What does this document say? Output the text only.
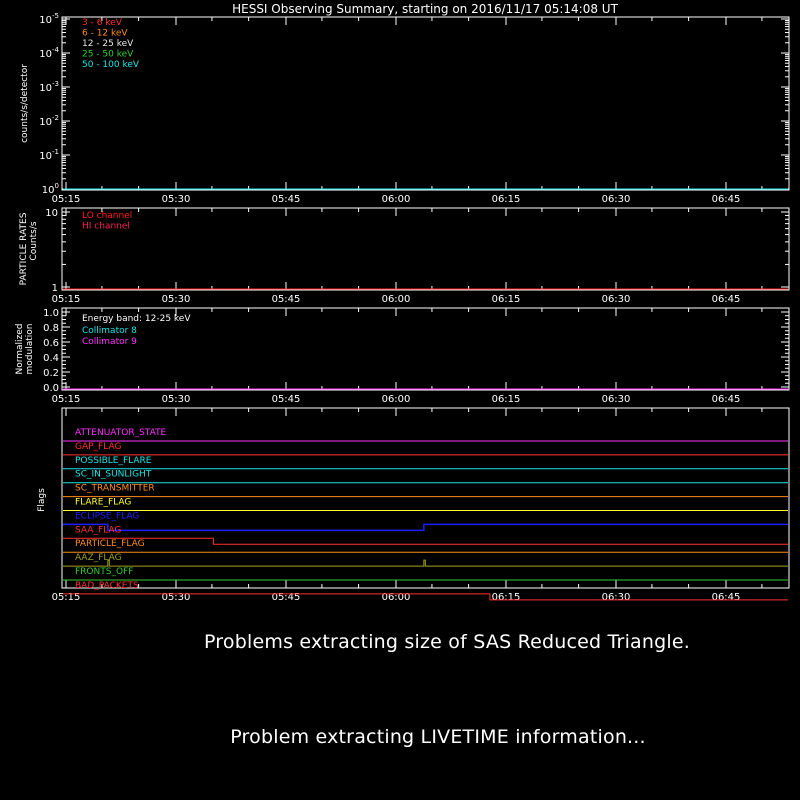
HESSI Observing Summary, starting on 2016/11/17 05:14:08 UT
05:15	05:30	05:45	06:00	06:15	06:30	06:45
$10^{-5}$
$10^{-4}$
$10^{-3}$
$10^{-2}$
$10^{-1}$
$10^0$
counts/s/detector
3 - 6 keV
6 - 12 keV
12 - 25 keV
25 - 50 keV
50 - 100 keV
05:15	05:30	05:45	06:00	06:15	06:30	06:45
10
1
PARTICLE RATES Counts/s
LO channel
HI channel
05:15	05:30	05:45	06:00	06:15	06:30	06:45
1.0
0.8
0.6
0.4
0.2
0.0
Normalized modulation
Energy band: 12-25 keV
Collimator 8
Collimator 9
05:15	05:30	05:45	06:00	06:15	06:30	06:45
Flags
ATTENUATOR_STATE
GAP_FLAG
POSSIBLE_FLARE
SC_IN_SUNLIGHT
SC_TRANSMITTER
FLARE_FLAG
ECLIPSE_FLAG
SAA_FLAG
PARTICLE_FLAG
AAZ_FLAG
FRONTS_OFF
BAD_PACKETS
Problems extracting size of SAS Reduced Triangle.
Problem extracting LIVETIME information...
